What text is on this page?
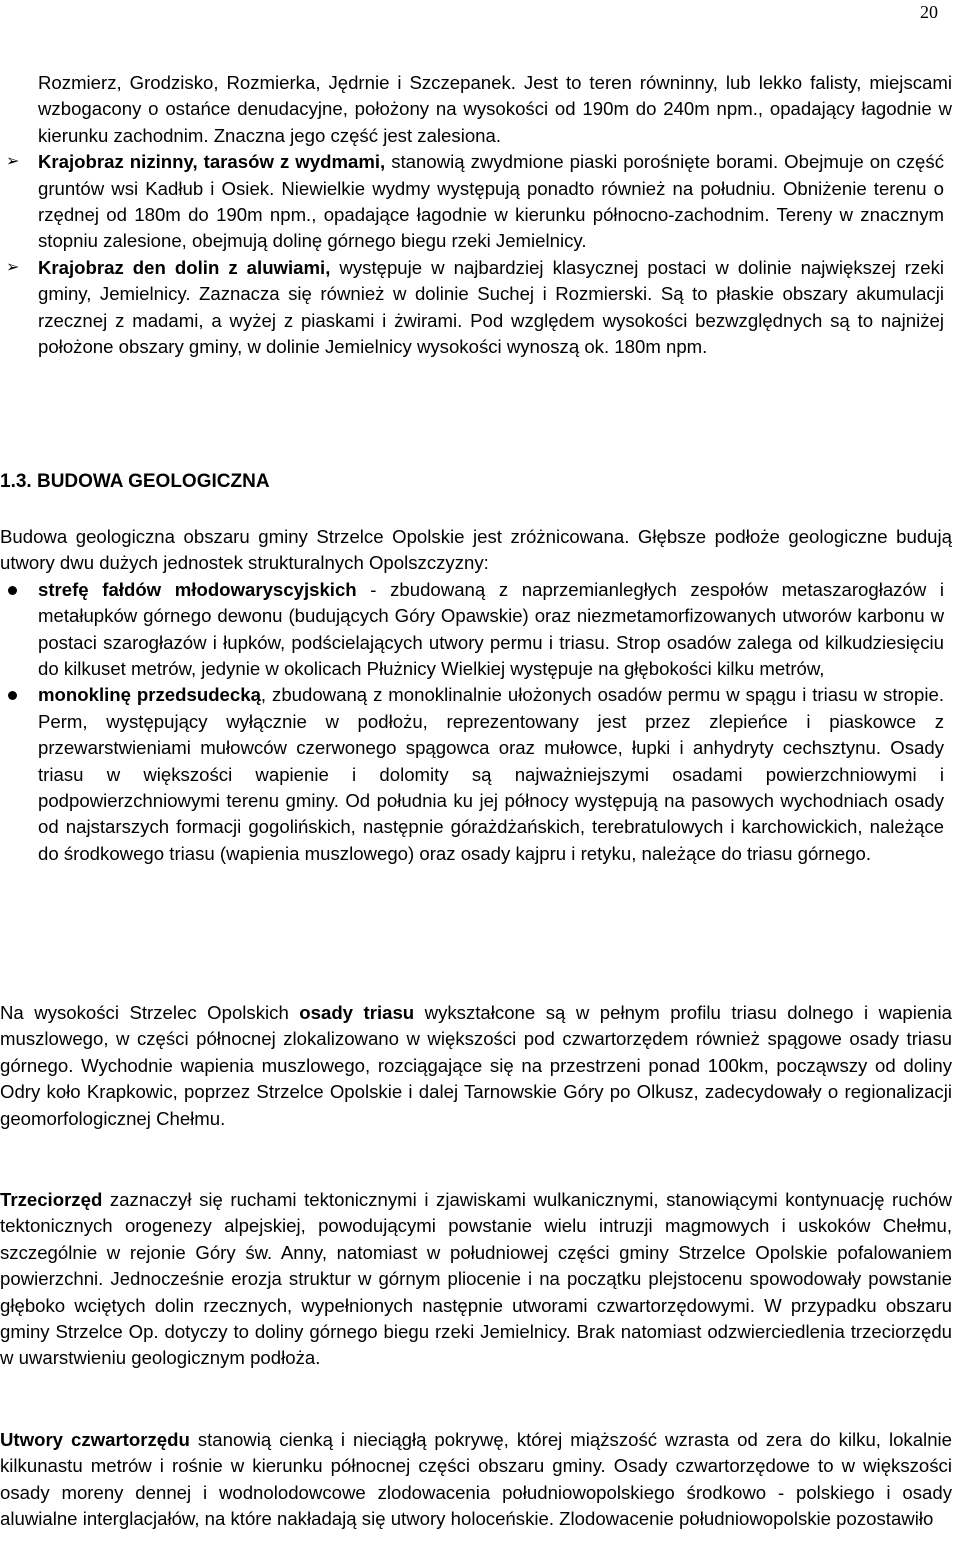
20

Rozmierz, Grodzisko, Rozmierka, Jędrnie i Szczepanek. Jest to teren równinny, lub lekko falisty, miejscami wzbogacony o ostańce denudacyjne, położony na wysokości od 190m do 240m npm., opadający łagodnie w kierunku zachodnim. Znaczna jego część jest zalesiona.

➢ Krajobraz nizinny, tarasów z wydmami, stanowią zwydmione piaski porośnięte borami. Obejmuje on część gruntów wsi Kadłub i Osiek. Niewielkie wydmy występują ponadto również na południu. Obniżenie terenu o rzędnej od 180m do 190m npm., opadające łagodnie w kierunku północno-zachodnim. Tereny w znacznym stopniu zalesione, obejmują dolinę górnego biegu rzeki Jemielnicy.

➢ Krajobraz den dolin z aluwiami, występuje w najbardziej klasycznej postaci w dolinie największej rzeki gminy, Jemielnicy. Zaznacza się również w dolinie Suchej i Rozmierski. Są to płaskie obszary akumulacji rzecznej z madami, a wyżej z piaskami i żwirami. Pod względem wysokości bezwzględnych są to najniżej położone obszary gminy, w dolinie Jemielnicy wysokości wynoszą ok. 180m npm.

1.3. BUDOWA GEOLOGICZNA

Budowa geologiczna obszaru gminy Strzelce Opolskie jest zróżnicowana. Głębsze podłoże geologiczne budują utwory dwu dużych jednostek strukturalnych Opolszczyzny:

strefę fałdów młodowaryscyjskich - zbudowaną z naprzemianległych zespołów metaszarogłazów i metałupków górnego dewonu (budujących Góry Opawskie) oraz niezmetamorfizowanych utworów karbonu w postaci szarogłazów i łupków, podścielających utwory permu i triasu. Strop osadów zalega od kilkudziesięciu do kilkuset metrów, jedynie w okolicach Płużnicy Wielkiej występuje na głębokości kilku metrów,

monoklinę przedsudecką, zbudowaną z monoklinalnie ułożonych osadów permu w spągu i triasu w stropie. Perm, występujący wyłącznie w podłożu, reprezentowany jest przez zlepieńce i piaskowce z przewarstwieniami mułowców czerwonego spągowca oraz mułowce, łupki i anhydryty cechsztynu. Osady triasu w większości wapienie i dolomity są najważniejszymi osadami powierzchniowymi i podpowierzchniowymi terenu gminy. Od południa ku jej północy występują na pasowych wychodniach osady od najstarszych formacji gogolińskich, następnie górażdżańskich, terebratulowych i karchowickich, należące do środkowego triasu (wapienia muszlowego) oraz osady kajpru i retyku, należące do triasu górnego.

Na wysokości Strzelec Opolskich osady triasu wykształcone są w pełnym profilu triasu dolnego i wapienia muszlowego, w części północnej zlokalizowano w większości pod czwartorzędem również spągowe osady triasu górnego. Wychodnie wapienia muszlowego, rozciągające się na przestrzeni ponad 100km, począwszy od doliny Odry koło Krapkowic, poprzez Strzelce Opolskie i dalej Tarnowskie Góry po Olkusz, zadecydowały o regionalizacji geomorfologicznej Chełmu.

Trzeciorzęd zaznaczył się ruchami tektonicznymi i zjawiskami wulkanicznymi, stanowiącymi kontynuację ruchów tektonicznych orogenezy alpejskiej, powodującymi powstanie wielu intruzji magmowych i uskoków Chełmu, szczególnie w rejonie Góry św. Anny, natomiast w południowej części gminy Strzelce Opolskie pofalowaniem powierzchni. Jednocześnie erozja struktur w górnym pliocenie i na początku plejstocenu spowodowały powstanie głęboko wciętych dolin rzecznych, wypełnionych następnie utworami czwartorzędowymi. W przypadku obszaru gminy Strzelce Op. dotyczy to doliny górnego biegu rzeki Jemielnicy. Brak natomiast odzwierciedlenia trzeciorzędu w uwarstwieniu geologicznym podłoża.

Utwory czwartorzędu stanowią cienką i nieciągłą pokrywę, której miąższość wzrasta od zera do kilku, lokalnie kilkunastu metrów i rośnie w kierunku północnej części obszaru gminy. Osady czwartorzędowe to w większości osady moreny dennej i wodnolodowcowe zlodowacenia południowopolskiego środkowo - polskiego i osady aluwialne interglacjałów, na które nakładają się utwory holoceńskie. Zlodowacenie południowopolskie pozostawiło
